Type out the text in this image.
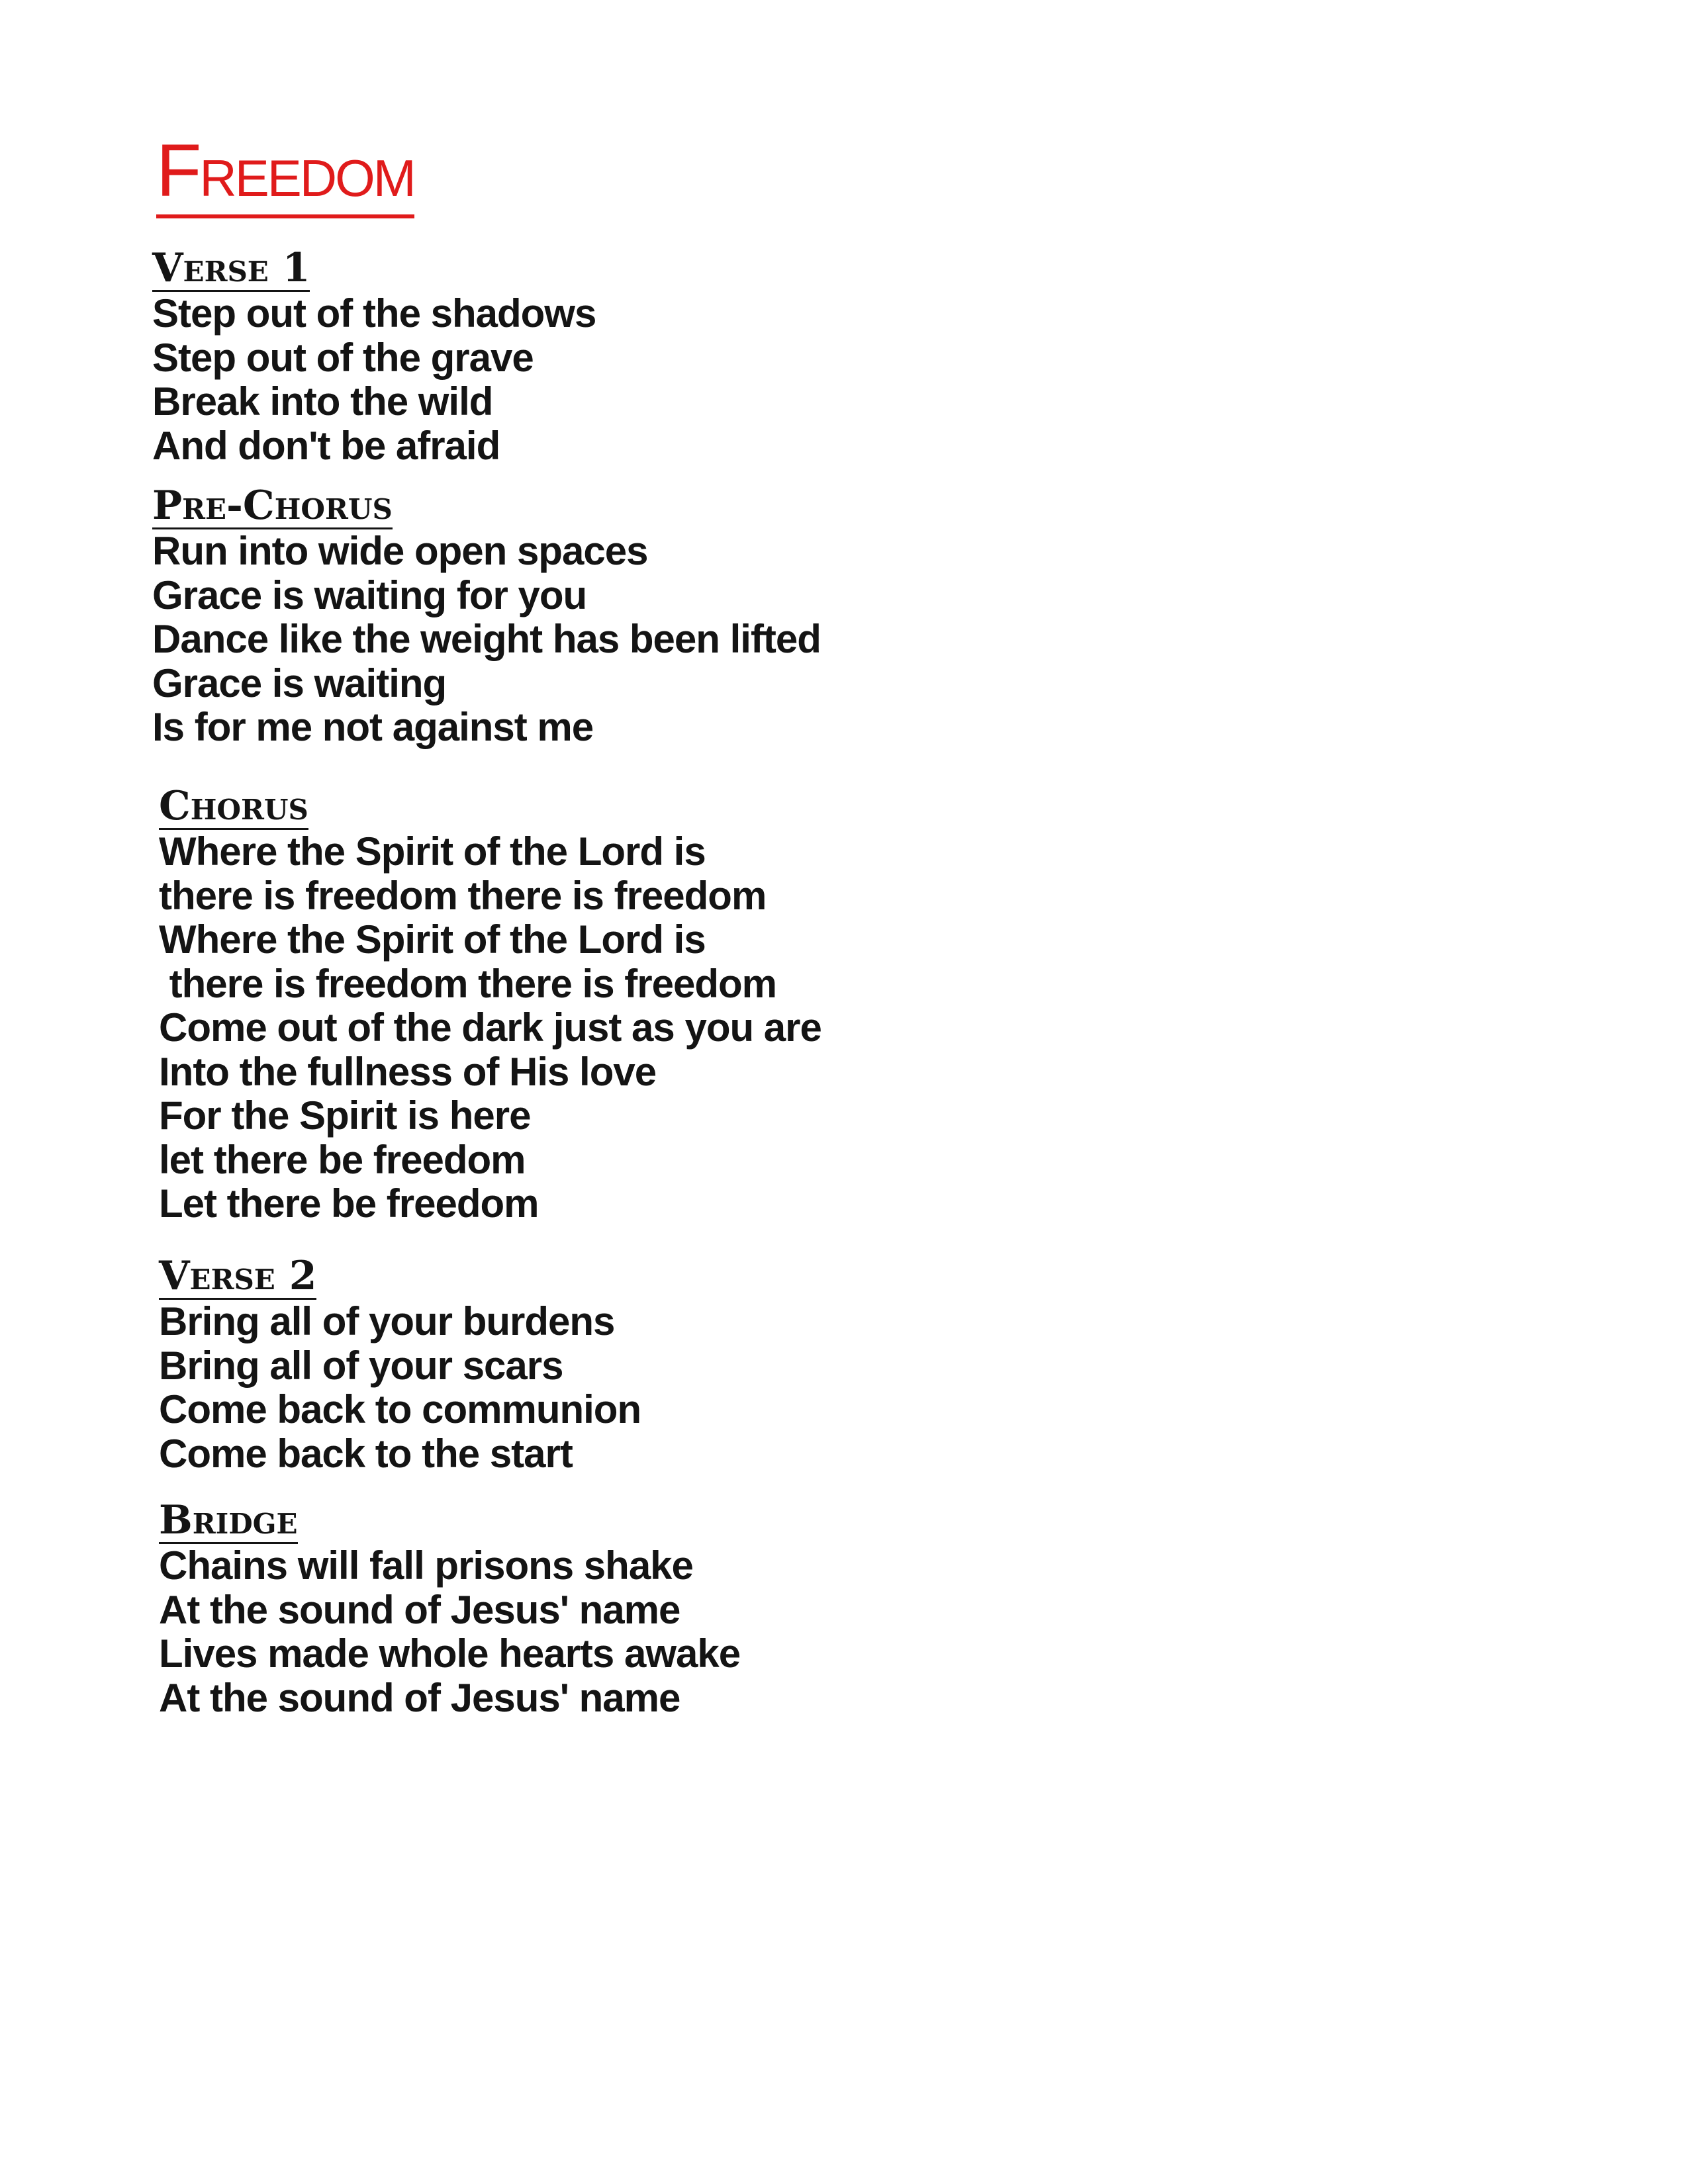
Freedom
Verse 1
Step out of the shadows
Step out of the grave
Break into the wild
And don't be afraid
Pre-Chorus
Run into wide open spaces
Grace is waiting for you
Dance like the weight has been lifted
Grace is waiting
Is for me not against me
Chorus
Where the Spirit of the Lord is
there is freedom there is freedom
Where the Spirit of the Lord is
there is freedom there is freedom
Come out of the dark just as you are
Into the fullness of His love
For the Spirit is here
let there be freedom
Let there be freedom
Verse 2
Bring all of your burdens
Bring all of your scars
Come back to communion
Come back to the start
Bridge
Chains will fall prisons shake
At the sound of Jesus' name
Lives made whole hearts awake
At the sound of Jesus' name
